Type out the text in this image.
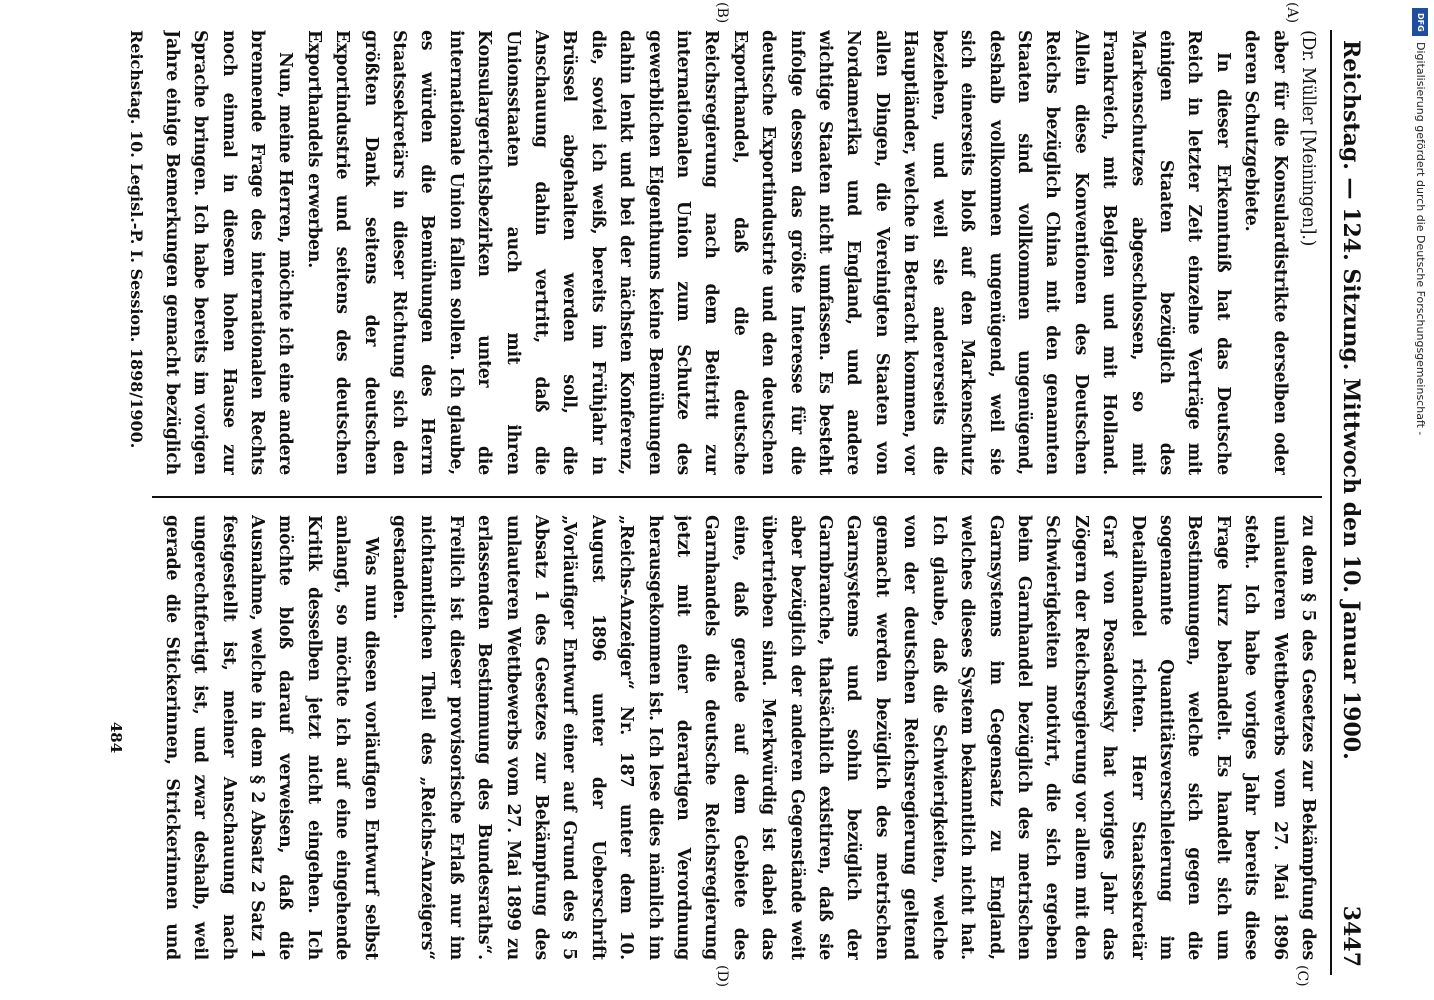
Reichstag. — 124. Sitzung. Mittwoch den 10. Januar 1900.
3447

(Dr. Müller [Meiningen].)

aber für die Konsulardistrikte derselben oder deren Schutzgebiete.

In dieser Erkenntniß hat das Deutsche Reich in letzter Zeit einzelne Verträge mit einigen Staaten bezüglich des Markenschutzes abgeschlossen, so mit Frankreich, mit Belgien und mit Holland. Allein diese Konventionen des Deutschen Reichs bezüglich China mit den genannten Staaten sind vollkommen ungenügend, deshalb vollkommen ungenügend, weil sie sich einerseits bloß auf den Markenschutz beziehen, und weil sie andererseits die Hauptländer, welche in Betracht kommen, vor allen Dingen, die Vereinigten Staaten von Nordamerika und England, und andere wichtige Staaten nicht umfassen. Es besteht infolge dessen das größte Interesse für die deutsche Exportindustrie und den deutschen Exporthandel, daß die deutsche Reichsregierung nach dem Beitritt zur internationalen Union zum Schutze des gewerblichen Eigenthums keine Bemühungen dahin lenkt und bei der nächsten Konferenz, die, soviel ich weiß, bereits im Frühjahr in Brüssel abgehalten werden soll, die Anschauung dahin vertritt, daß die Unionsstaaten auch mit ihren Konsulargerichtsbezirken unter die internationale Union fallen sollen. Ich glaube, es würden die Bemühungen des Herrn Staatssekretärs in dieser Richtung sich den größten Dank seitens der deutschen Exportindustrie und seitens des deutschen Exporthandels erwerben.

Nun, meine Herren, möchte ich eine andere brennende Frage des internationalen Rechts noch einmal in diesem hohen Hause zur Sprache bringen. Ich habe bereits im vorigen Jahre einige Bemerkungen gemacht bezüglich

(A)
(B)

zu dem § 5 des Gesetzes zur Bekämpfung des unlauteren Wettbewerbs vom 27. Mai 1896 steht. Ich habe voriges Jahr bereits diese Frage kurz behandelt. Es handelt sich um Bestimmungen, welche sich gegen die sogenannte Quantitätsverschleierung im Detailhandel richten. Herr Staatssekretär Graf von Posadowsky hat voriges Jahr das Zögern der Reichsregierung vor allem mit den Schwierigkeiten motivirt, die sich ergeben beim Garnhandel bezüglich des metrischen Garnsystems im Gegensatz zu England, welches dieses System bekanntlich nicht hat. Ich glaube, daß die Schwierigkeiten, welche von der deutschen Reichsregierung geltend gemacht werden bezüglich des metrischen Garnsystems und sohin bezüglich der Garnbranche, thatsächlich existiren, daß sie aber bezüglich der anderen Gegenstände weit übertrieben sind. Merkwürdig ist dabei das eine, daß gerade auf dem Gebiete des Garnhandels die deutsche Reichsregierung jetzt mit einer derartigen Verordnung herausgekommen ist. Ich lese dies nämlich im „Reichs-Anzeiger“ Nr. 187 unter dem 10. August 1896 unter der Ueberschrift „Vorläufiger Entwurf einer auf Grund des § 5 Absatz 1 des Gesetzes zur Bekämpfung des unlauteren Wettbewerbs vom 27. Mai 1899 zu erlassenden Bestimmung des Bundesraths“. Freilich ist dieser provisorische Erlaß nur im nichtamtlichen Theil des „Reichs-Anzeigers“ gestanden.

Was nun diesen vorläufigen Entwurf selbst anlangt, so möchte ich auf eine eingehende Kritik desselben jetzt nicht eingehen. Ich möchte bloß darauf verweisen, daß die Ausnahme, welche in dem § 2 Absatz 2 Satz 1 festgestellt ist, meiner Anschauung nach ungerechtfertigt ist, und zwar deshalb, weil gerade die Stickerinnen, Strickerinnen und

(C)
(D)
Reichstag. 10. Legisl.-P. I. Session. 1898/1900.
484
DFG
Digitalisierung gefördert durch die Deutsche Forschungsgemeinschaft -
